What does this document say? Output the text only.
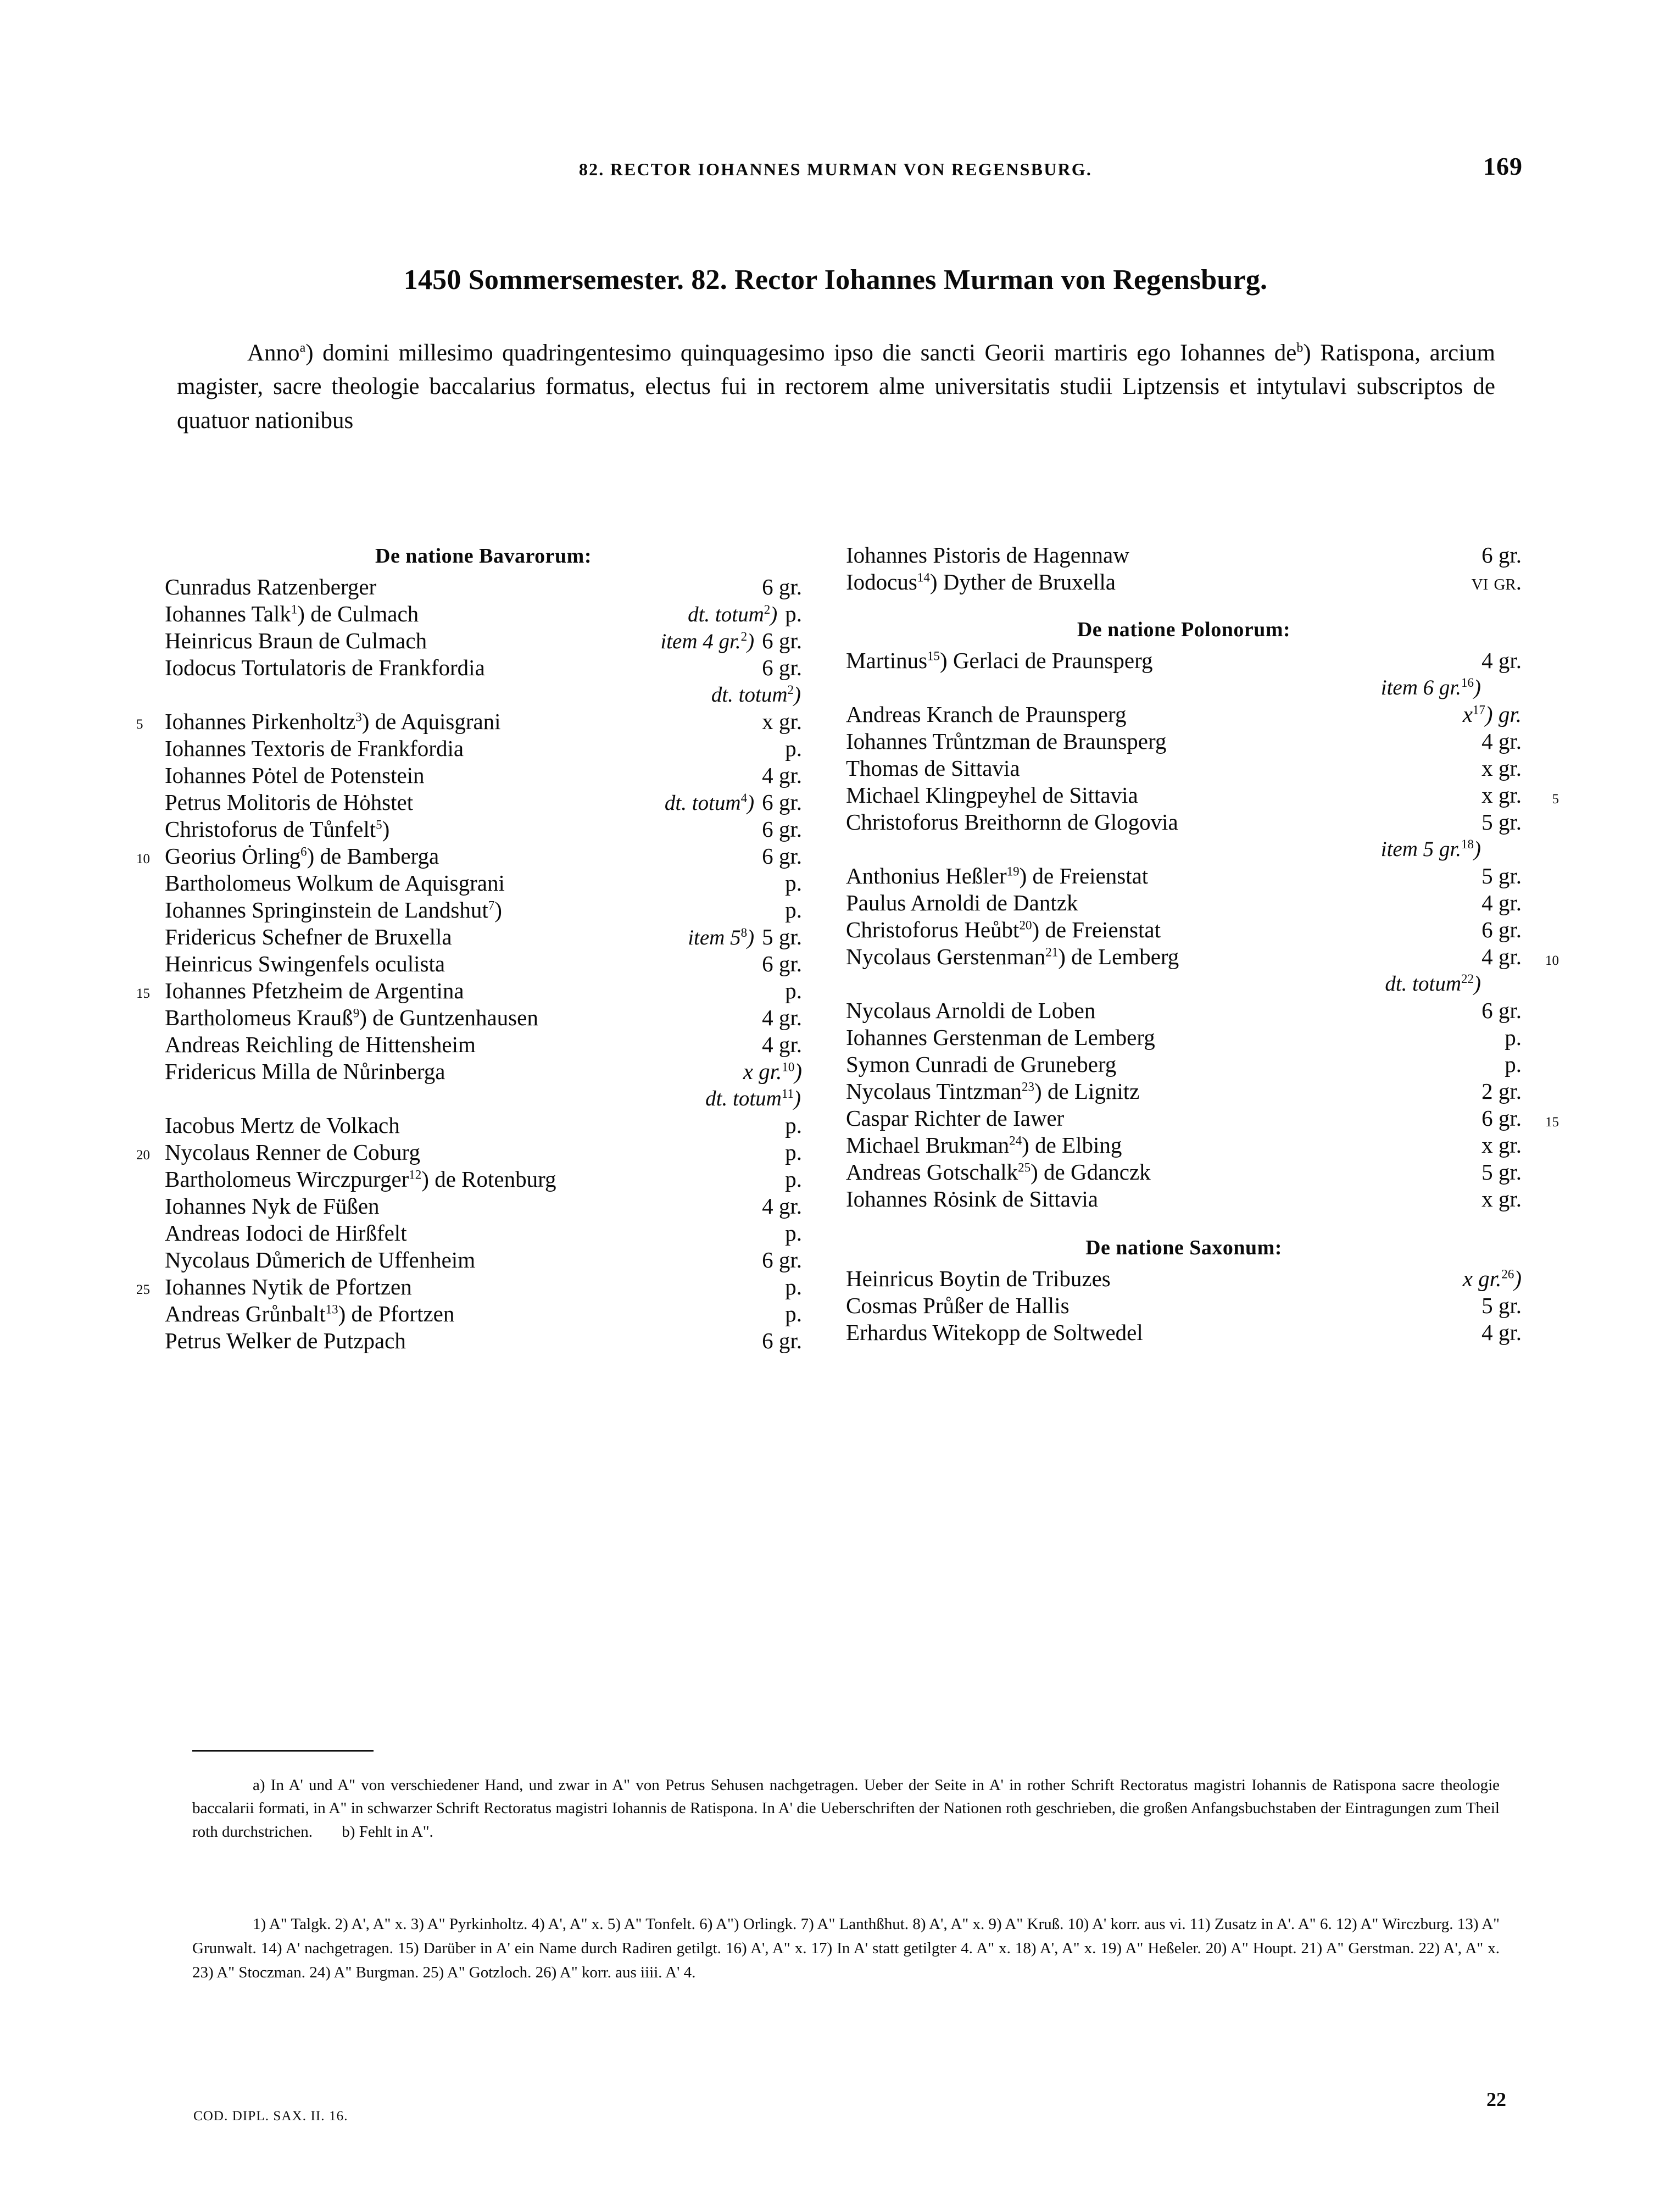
82. RECTOR IOHANNES MURMAN VON REGENSBURG.	169
1450 Sommersemester. 82. Rector Iohannes Murman von Regensburg.
Anno$^a$) domini millesimo quadringentesimo quinquagesimo ipso die sancti Georii martiris ego Iohannes $de^b$) Ratispona, arcium magister, sacre theologie baccalarius formatus, electus fui in rectorem alme universitatis studii Liptzensis et intytulavi subscriptos de quatuor nationibus
De natione Bavarorum:
Cunradus Ratzenberger	6 gr.
Iohannes Talk$^1$) de Culmach	dt. totum$^2$) p.
Heinricus Braun de Culmach	item 4 gr.$^2$) 6 gr.
Iodocus Tortulatoris de Frankfordia	6 gr.
dt. totum$^2$)
5 Iohannes Pirkenholtz$^3$) de Aquisgrani	x gr.
Iohannes Textoris de Frankfordia	p.
Iohannes Pȯtel de Potenstein	4 gr.
Petrus Molitoris de Hȯhstet	dt. totum$^4$) 6 gr.
Christoforus de Tůnfelt$^5$)	6 gr.
10 Georius Ȯrling$^6$) de Bamberga	6 gr.
Bartholomeus Wolkum de Aquisgrani	p.
Iohannes Springinstein de Landshut$^7$)	p.
Fridericus Schefner de Bruxella	item 5$^8$) 5 gr.
Heinricus Swingenfels oculista	6 gr.
15 Iohannes Pfetzheim de Argentina	p.
Bartholomeus Krauß$^9$) de Guntzenhausen	4 gr.
Andreas Reichling de Hittensheim	4 gr.
Fridericus Milla de Nůrinberga	x gr.$^{10}$)
dt. totum$^{11}$)
Iacobus Mertz de Volkach	p.
20 Nycolaus Renner de Coburg	p.
Bartholomeus Wirczpurger$^{12}$) de Rotenburg	p.
Iohannes Nyk de Füßen	4 gr.
Andreas Iodoci de Hirßfelt	p.
Nycolaus Důmerich de Uffenheim	6 gr.
25 Iohannes Nytik de Pfortzen	p.
Andreas Grůnbalt$^{13}$) de Pfortzen	p.
Petrus Welker de Putzpach	6 gr.
Iohannes Pistoris de Hagennaw	6 gr.
Iodocus$^{14}$) Dyther de Bruxella	vi gr.
De natione Polonorum:
Martinus$^{15}$) Gerlaci de Praunsperg	4 gr.
item 6 gr.$^{16}$)
Andreas Kranch de Praunsperg	x$^{17}$) gr.
Iohannes Trůntzman de Braunsperg	4 gr.
Thomas de Sittavia	x gr.
5
Michael Klingpeyhel de Sittavia	x gr.
Christoforus Breithornn de Glogovia	5 gr.
item 5 gr.$^{18}$)
Anthonius Heßler$^{19}$) de Freienstat	5 gr.
Paulus Arnoldi de Dantzk	4 gr.
Christoforus Heůbt$^{20}$) de Freienstat	6 gr.
10
Nycolaus Gerstenman$^{21}$) de Lemberg	4 gr.
dt. totum$^{22}$)
Nycolaus Arnoldi de Loben	6 gr.
Iohannes Gerstenman de Lemberg	p.
Symon Cunradi de Gruneberg	p.
Nycolaus Tintzman$^{23}$) de Lignitz	2 gr.
15
Caspar Richter de Iawer	6 gr.
Michael Brukman$^{24}$) de Elbing	x gr.
Andreas Gotschalk$^{25}$) de Gdanczk	5 gr.
Iohannes Rȯsink de Sittavia	x gr.
De natione Saxonum:
Heinricus Boytin de Tribuzes	x gr.$^{26}$)
Cosmas Průßer de Hallis	5 gr.
Erhardus Witekopp de Soltwedel	4 gr.
a) In A' und A" von verschiedener Hand, und zwar in A" von Petrus Sehusen nachgetragen. Ueber der Seite in A' in rother Schrift Rectoratus magistri Iohannis de Ratispona sacre theologie baccalarii formati, in A" in schwarzer Schrift Rectoratus magistri Iohannis de Ratispona. In A' die Ueberschriften der Nationen roth geschrieben, die großen Anfangsbuchstaben der Eintragungen zum Theil roth durchstrichen. b) Fehlt in A".
1) A" Talgk. 2) A', A" x. 3) A" Pyrkinholtz. 4) A', A" x. 5) A" Tonfelt. 6) A") Orlingk. 7) A" Lanthßhut. 8) A', A" x. 9) A" Kruß. 10) A' korr. aus vi. 11) Zusatz in A'. A" 6. 12) A" Wirczburg. 13) A" Grunwalt. 14) A' nachgetragen. 15) Darüber in A' ein Name durch Radiren getilgt. 16) A', A" x. 17) In A' statt getilgter 4. A" x. 18) A', A" x. 19) A" Heßeler. 20) A" Houpt. 21) A" Gerstman. 22) A', A" x. 23) A" Stoczman. 24) A" Burgman. 25) A" Gotzloch. 26) A" korr. aus iiii. A' 4.
COD. DIPL. SAX. II. 16.
22
